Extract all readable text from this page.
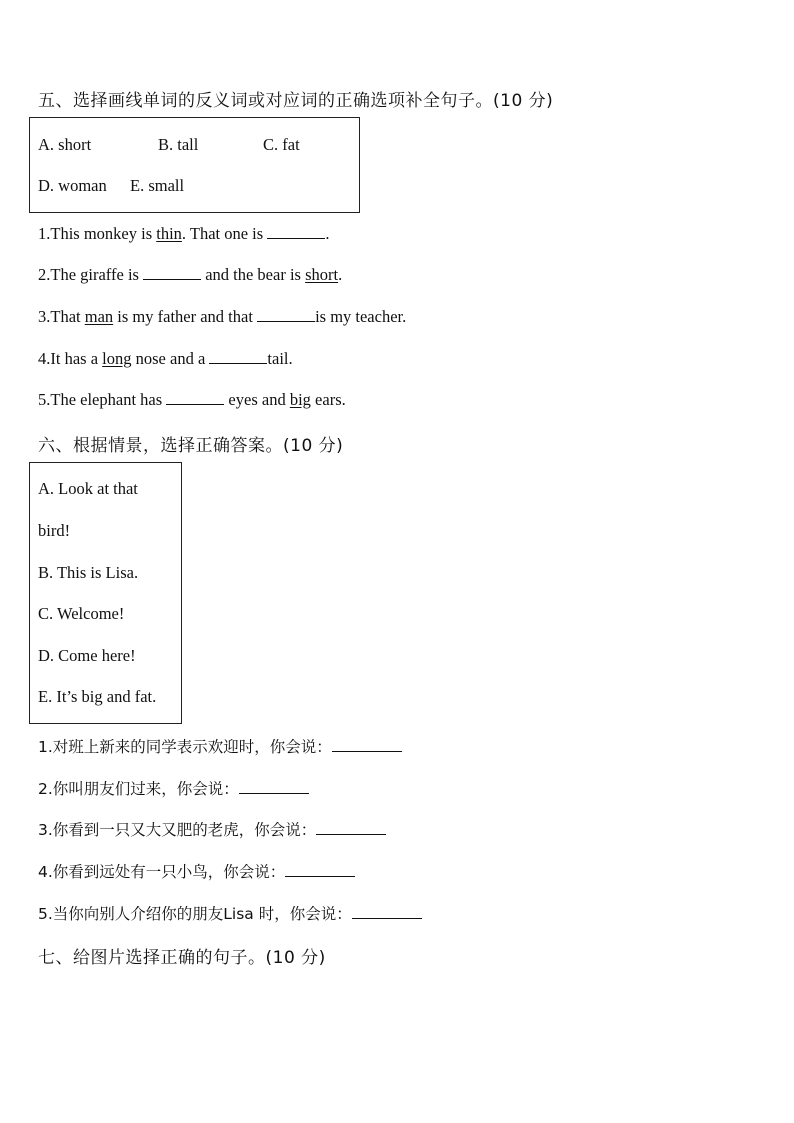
五、选择画线单词的反义词或对应词的正确选项补全句子。(10 分)
A. short	B. tall	C. fat
D. woman E. small
1.This monkey is thin. That one is	.
2.The giraffe is	and the bear is short.
3.That man is my father and that	is my teacher.
4.It has a long nose and a	tail.
5.The elephant has	eyes and big ears.
六、根据情景，选择正确答案。(10 分)
A. Look at that
bird!
B. This is Lisa.
C. Welcome!
D. Come here!
E. It’s big and fat.
1.对班上新来的同学表示欢迎时，你会说：
2.你叫朋友们过来，你会说：
3.你看到一只又大又肥的老虎，你会说：
4.你看到远处有一只小鸟，你会说：
5.当你向别人介绍你的朋友Lisa 时，你会说：
七、给图片选择正确的句子。(10 分)
